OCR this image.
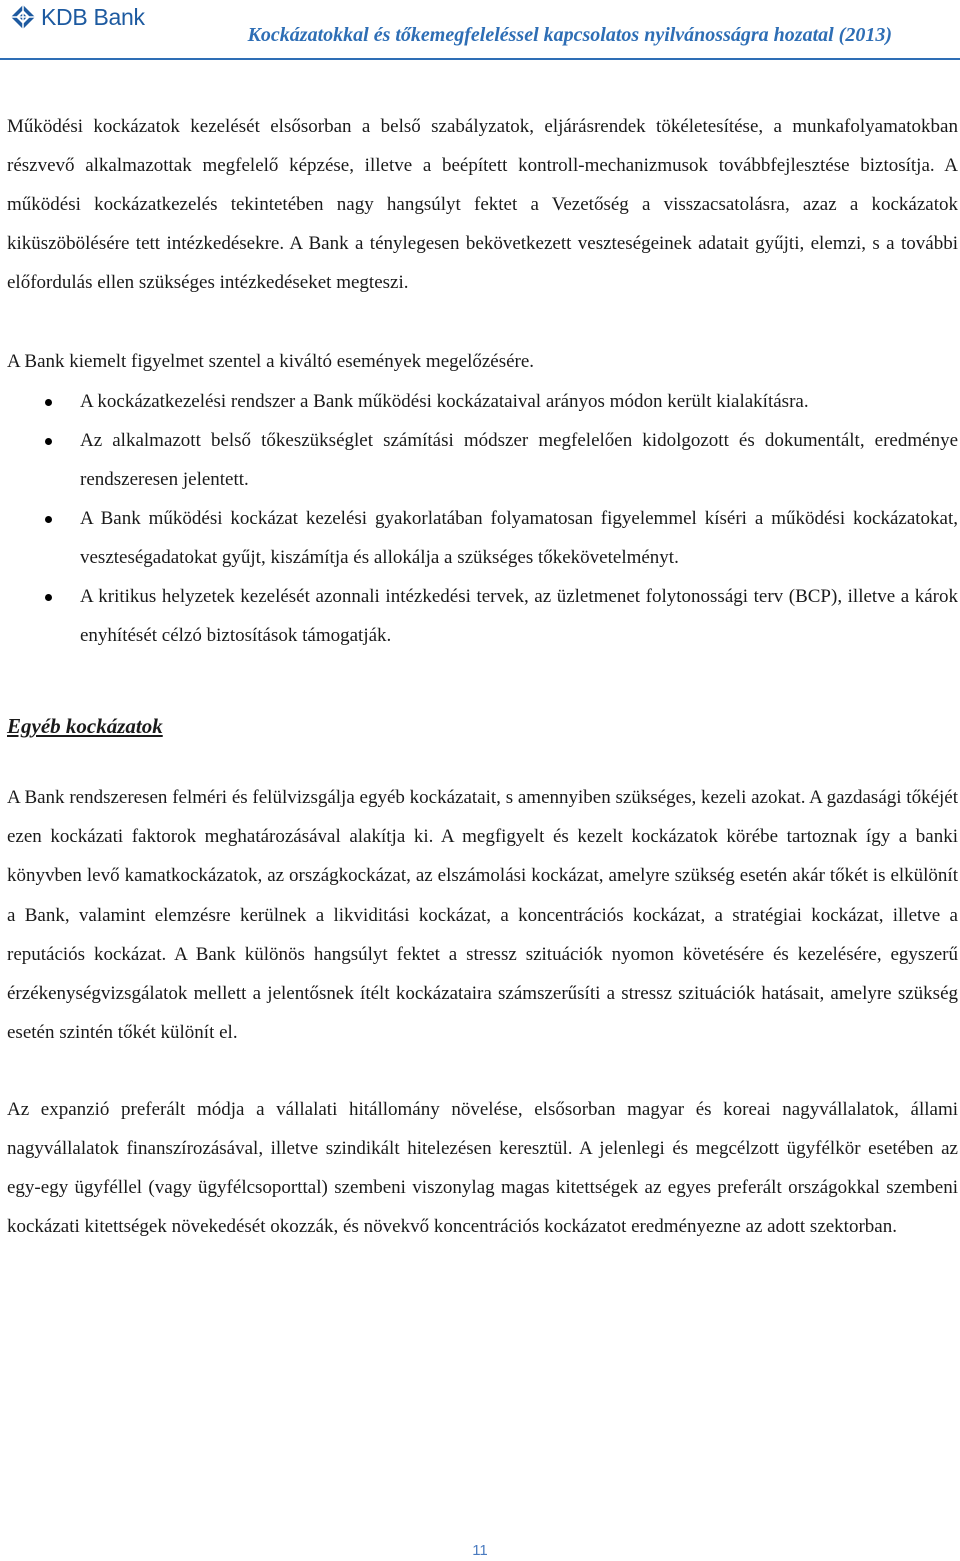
KDB Bank
Kockázatokkal és tőkemegfeleléssel kapcsolatos nyilvánosságra hozatal (2013)

Működési kockázatok kezelését elsősorban a belső szabályzatok, eljárásrendek tökéletesítése, a munkafolyamatokban részvevő alkalmazottak megfelelő képzése, illetve a beépített kontroll-mechanizmusok továbbfejlesztése biztosítja. A működési kockázatkezelés tekintetében nagy hangsúlyt fektet a Vezetőség a visszacsatolásra, azaz a kockázatok kiküszöbölésére tett intézkedésekre. A Bank a ténylegesen bekövetkezett veszteségeinek adatait gyűjti, elemzi, s a további előfordulás ellen szükséges intézkedéseket megteszi.

A Bank kiemelt figyelmet szentel a kiváltó események megelőzésére.

A kockázatkezelési rendszer a Bank működési kockázataival arányos módon került kialakításra.
Az alkalmazott belső tőkeszükséglet számítási módszer megfelelően kidolgozott és dokumentált, eredménye rendszeresen jelentett.
A Bank működési kockázat kezelési gyakorlatában folyamatosan figyelemmel kíséri a működési kockázatokat, veszteségadatokat gyűjt, kiszámítja és allokálja a szükséges tőkekövetelményt.
A kritikus helyzetek kezelését azonnali intézkedési tervek, az üzletmenet folytonossági terv (BCP), illetve a károk enyhítését célzó biztosítások támogatják.
Egyéb kockázatok

A Bank rendszeresen felméri és felülvizsgálja egyéb kockázatait, s amennyiben szükséges, kezeli azokat. A gazdasági tőkéjét ezen kockázati faktorok meghatározásával alakítja ki. A megfigyelt és kezelt kockázatok körébe tartoznak így a banki könyvben levő kamatkockázatok, az országkockázat, az elszámolási kockázat, amelyre szükség esetén akár tőkét is elkülönít a Bank, valamint elemzésre kerülnek a likviditási kockázat, a koncentrációs kockázat, a stratégiai kockázat, illetve a reputációs kockázat. A Bank különös hangsúlyt fektet a stressz szituációk nyomon követésére és kezelésére, egyszerű érzékenységvizsgálatok mellett a jelentősnek ítélt kockázataira számszerűsíti a stressz szituációk hatásait, amelyre szükség esetén szintén tőkét különít el.

Az expanzió preferált módja a vállalati hitállomány növelése, elsősorban magyar és koreai nagyvállalatok, állami nagyvállalatok finanszírozásával, illetve szindikált hitelezésen keresztül. A jelenlegi és megcélzott ügyfélkör esetében az egy-egy ügyféllel (vagy ügyfélcsoporttal) szembeni viszonylag magas kitettségek az egyes preferált országokkal szembeni kockázati kitettségek növekedését okozzák, és növekvő koncentrációs kockázatot eredményezne az adott szektorban.

11
